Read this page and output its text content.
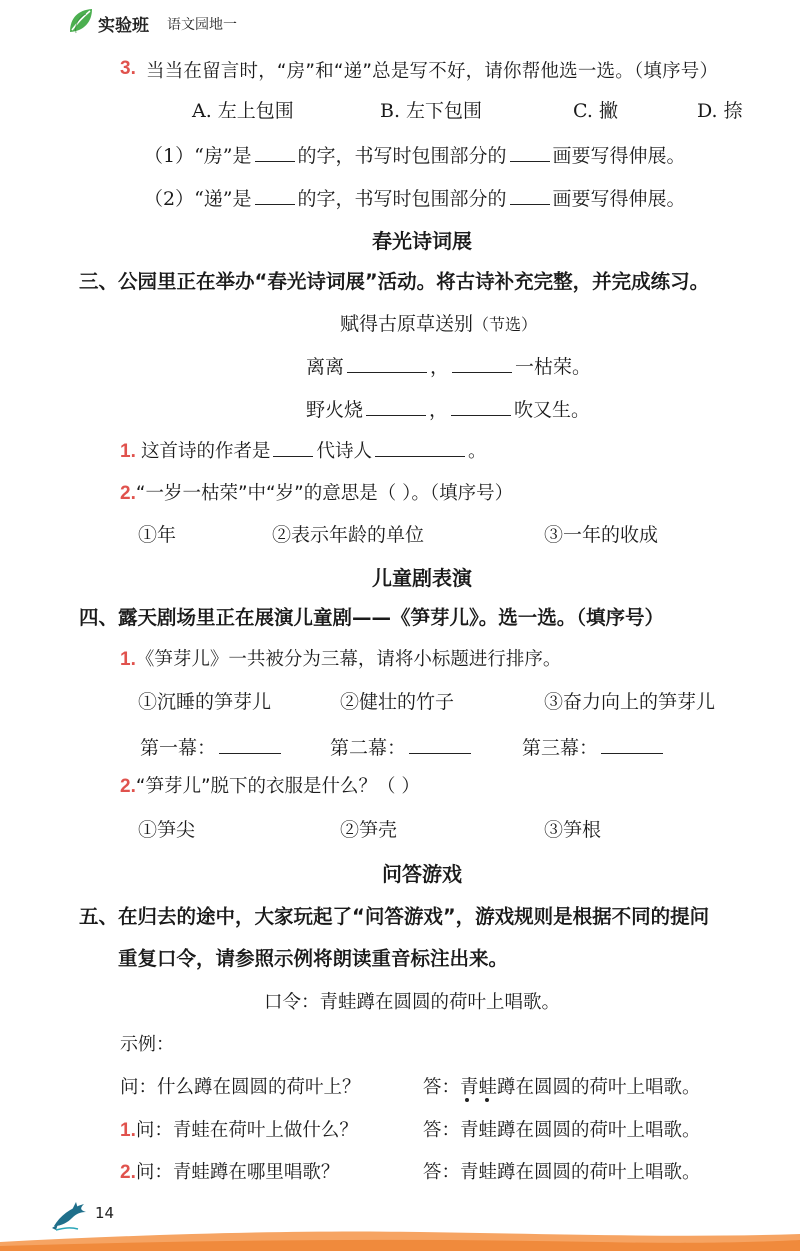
实验班 语文园地一
3. 当当在留言时，“房”和“递”总是写不好，请你帮他选一选。（填序号）
A. 左上包围	B. 左下包围	C. 撇	D. 捺
（1）“房”是 的字，书写时包围部分的 画要写得伸展。
（2）“递”是 的字，书写时包围部分的 画要写得伸展。
春光诗词展
三、公园里正在举办“春光诗词展”活动。将古诗补充完整，并完成练习。
赋得古原草送别（节选）
离离	，	一枯荣。
野火烧	，	吹又生。
1. 这首诗的作者是 代诗人	。
2.“一岁一枯荣”中“岁”的意思是（ ）。（填序号）
①年	②表示年龄的单位	③一年的收成
儿童剧表演
四、露天剧场里正在展演儿童剧——《笋芽儿》。选一选。（填序号）
1.《笋芽儿》一共被分为三幕，请将小标题进行排序。
①沉睡的笋芽儿	②健壮的竹子	③奋力向上的笋芽儿
第一幕：	第二幕：	第三幕：
2.“笋芽儿”脱下的衣服是什么？（ ）
①笋尖	②笋壳	③笋根
问答游戏
五、在归去的途中，大家玩起了“问答游戏”，游戏规则是根据不同的提问
重复口令，请参照示例将朗读重音标注出来。
口令：青蛙蹲在圆圆的荷叶上唱歌。
示例：
问：什么蹲在圆圆的荷叶上？	答：青蛙蹲在圆圆的荷叶上唱歌。
1.问：青蛙在荷叶上做什么？	答：青蛙蹲在圆圆的荷叶上唱歌。
2.问：青蛙蹲在哪里唱歌？	答：青蛙蹲在圆圆的荷叶上唱歌。
14
